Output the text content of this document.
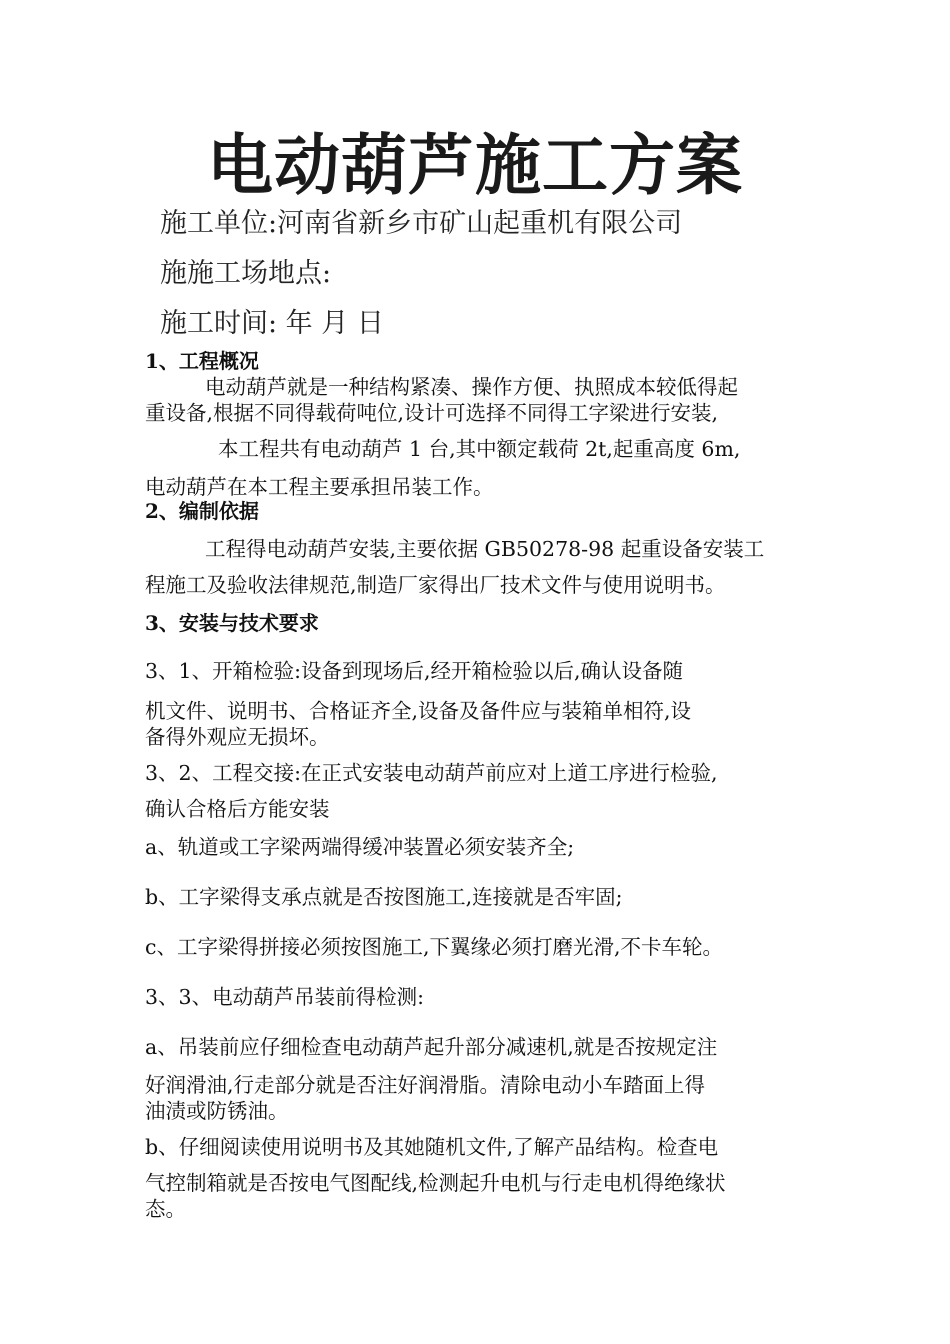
电动葫芦施工方案
施工单位:河南省新乡市矿山起重机有限公司
施施工场地点:
施工时间: 年 月 日
1、工程概况
电动葫芦就是一种结构紧凑、操作方便、执照成本较低得起
重设备,根据不同得载荷吨位,设计可选择不同得工字梁进行安装,
本工程共有电动葫芦 1 台,其中额定载荷 2t,起重高度 6m,
电动葫芦在本工程主要承担吊装工作。
2、编制依据
工程得电动葫芦安装,主要依据 GB50278-98 起重设备安装工
程施工及验收法律规范,制造厂家得出厂技术文件与使用说明书。
3、安装与技术要求
3、1、开箱检验:设备到现场后,经开箱检验以后,确认设备随
机文件、说明书、合格证齐全,设备及备件应与装箱单相符,设
备得外观应无损坏。
3、2、工程交接:在正式安装电动葫芦前应对上道工序进行检验,
确认合格后方能安装
a、轨道或工字梁两端得缓冲装置必须安装齐全;
b、工字梁得支承点就是否按图施工,连接就是否牢固;
c、工字梁得拼接必须按图施工,下翼缘必须打磨光滑,不卡车轮。
3、3、电动葫芦吊装前得检测:
a、吊装前应仔细检查电动葫芦起升部分减速机,就是否按规定注
好润滑油,行走部分就是否注好润滑脂。清除电动小车踏面上得
油渍或防锈油。
b、仔细阅读使用说明书及其她随机文件,了解产品结构。检查电
气控制箱就是否按电气图配线,检测起升电机与行走电机得绝缘状
态。
